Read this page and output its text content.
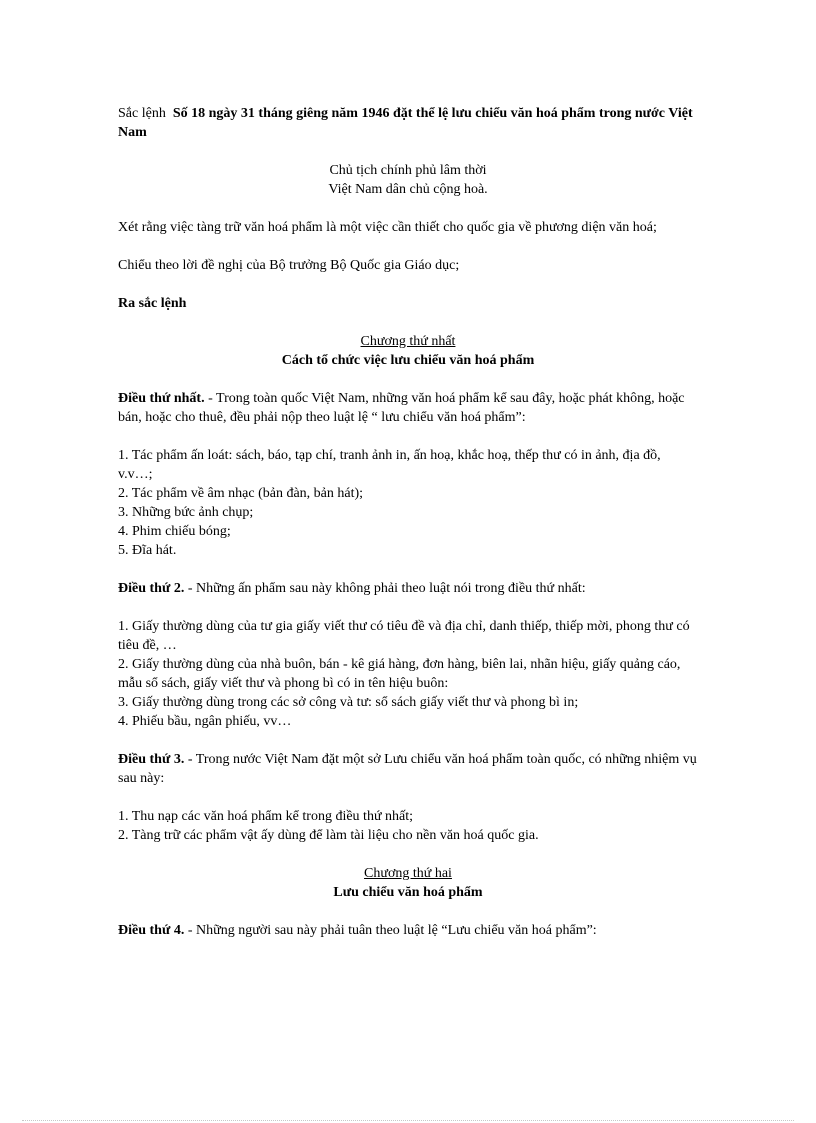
Sắc lệnh Số 18 ngày 31 tháng giêng năm 1946 đặt thể lệ lưu chiểu văn hoá phẩm trong nước Việt Nam

Chủ tịch chính phủ lâm thời

Việt Nam dân chủ cộng hoà.

Xét rằng việc tàng trữ văn hoá phẩm là một việc cần thiết cho quốc gia về phương diện văn hoá;

Chiểu theo lời đề nghị của Bộ trưởng Bộ Quốc gia Giáo dục;

Ra sắc lệnh

Chương thứ nhất

Cách tổ chức việc lưu chiểu văn hoá phẩm

Điều thứ nhất. - Trong toàn quốc Việt Nam, những văn hoá phẩm kể sau đây, hoặc phát không, hoặc bán, hoặc cho thuê, đều phải nộp theo luật lệ “ lưu chiểu văn hoá phẩm”:

1. Tác phẩm ấn loát: sách, báo, tạp chí, tranh ảnh in, ấn hoạ, khắc hoạ, thếp thư có in ảnh, địa đồ, v.v…;

2. Tác phẩm về âm nhạc (bản đàn, bản hát);

3. Những bức ảnh chụp;

4. Phim chiếu bóng;

5. Đĩa hát.

Điều thứ 2. - Những ấn phẩm sau này không phải theo luật nói trong điều thứ nhất:

1. Giấy thường dùng của tư gia giấy viết thư có tiêu đề và địa chỉ, danh thiếp, thiếp mời, phong thư có tiêu đề, …

2. Giấy thường dùng của nhà buôn, bán - kê giá hàng, đơn hàng, biên lai, nhãn hiệu, giấy quảng cáo, mẫu sổ sách, giấy viết thư và phong bì có in tên hiệu buôn:

3. Giấy thường dùng trong các sở công và tư: sổ sách giấy viết thư và phong bì in;

4. Phiếu bầu, ngân phiếu, vv…

Điều thứ 3. - Trong nước Việt Nam đặt một sở Lưu chiểu văn hoá phẩm toàn quốc, có những nhiệm vụ sau này:

1. Thu nạp các văn hoá phẩm kể trong điều thứ nhất;

2. Tàng trữ các phẩm vật ấy dùng để làm tài liệu cho nền văn hoá quốc gia.

Chương thứ hai

Lưu chiểu văn hoá phẩm

Điều thứ 4. - Những người sau này phải tuân theo luật lệ “Lưu chiểu văn hoá phẩm”:
